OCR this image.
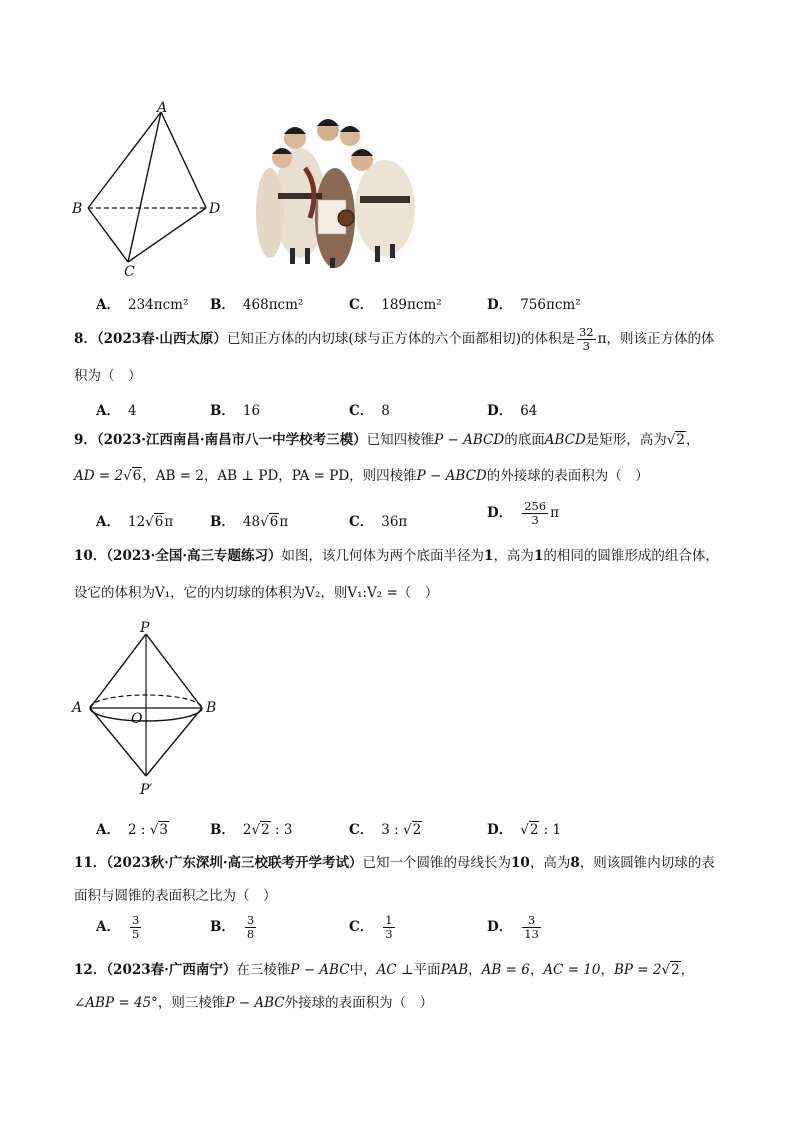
A
B
C
D
A． 234πcm² B． 468πcm²	C． 189πcm²	D． 756πcm²
8．（2023春·山西太原）已知正方体的内切球(球与正方体的六个面都相切)的体积是 $\frac{32}{3}$ π，则该正方体的体
积为（　）
A． 4	B． 16	C． 8	D． 64
9．（2023·江西南昌·南昌市八一中学校考三模）已知四棱锥P − ABCD的底面ABCD是矩形，高为√2，
AD = 2√6，AB = 2，AB ⊥ PD，PA = PD，则四棱锥P − ABCD的外接球的表面积为（　）
A． 12√6π	B． 48√6π	C． 36π
D． $\frac{256}{3}$ π
10．（2023·全国·高三专题练习）如图，该几何体为两个底面半径为1，高为1的相同的圆锥形成的组合体，
设它的体积为V₁，它的内切球的体积为V₂，则V₁:V₂ =（　）
P
A
O
B
P′
A． 2 : √3	B． 2√2 : 3	C． 3 : √2	D． √2 : 1
11．（2023秋·广东深圳·高三校联考开学考试）已知一个圆锥的母线长为10，高为8，则该圆锥内切球的表
面积与圆锥的表面积之比为（　）
A． $\frac{3}{5}$	B． $\frac{3}{8}$	C． $\frac{1}{3}$	D． $\frac{3}{13}$
12．（2023春·广西南宁）在三棱锥P − ABC中，AC ⊥平面PAB，AB = 6，AC = 10，BP = 2√2，
∠ABP = 45°，则三棱锥P − ABC外接球的表面积为（　）
